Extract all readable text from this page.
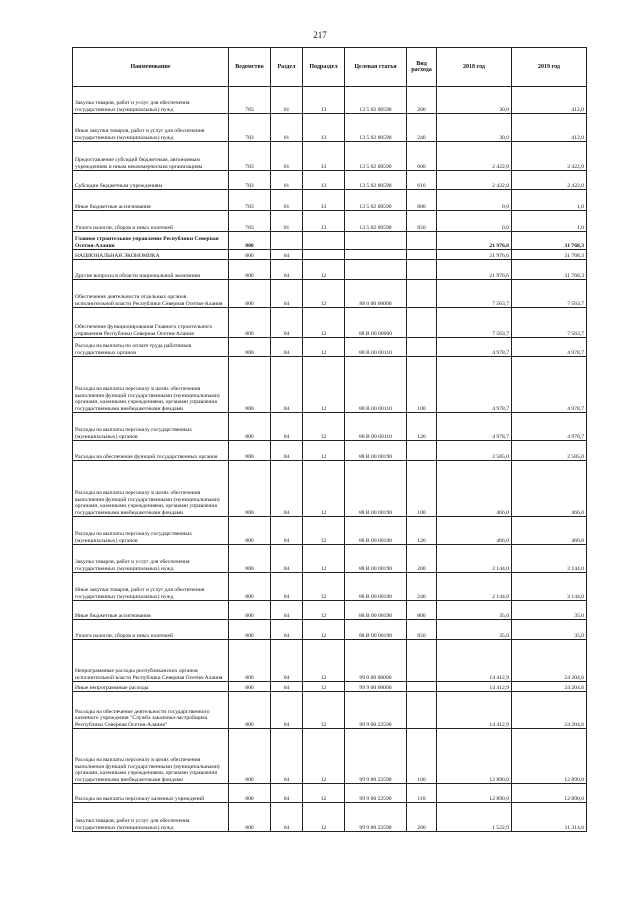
217
Наименование	Ведомство	Раздел	Подраздел	Целевая статья	Вид расхода	2018 год	2019 год
Закупка товаров, работ и услуг для обеспечения государственных (муниципальных) нужд	783	01	13	13 5 02 00590	200	30,0	412,0
Иные закупки товаров, работ и услуг для обеспечения государственных (муниципальных) нужд	783	01	13	13 5 02 00590	240	30,0	412,0
Предоставление субсидий бюджетным, автономным учреждениям и иным некоммерческим организациям	783	01	13	13 5 02 00590	600	2 422,0	2 422,0
Субсидии бюджетным учреждениям	783	01	13	13 5 02 00590	610	2 422,0	2 422,0
Иные бюджетные ассигнования	783	01	13	13 5 02 00590	800	0,0	1,0
Уплата налогов, сборов и иных платежей	783	01	13	13 5 02 00590	850	0,0	1,0
Главное строительное управление Республики Северная Осетия-Алания	800					21 976,6	31 768,3
НАЦИОНАЛЬНАЯ ЭКОНОМИКА	800	04				21 976,6	31 768,3
Другие вопросы в области национальной экономики	800	04	12			21 976,6	31 768,3
Обеспечение деятельности отдельных органов исполнительной власти Республики Северная Осетия-Алания	800	04	12	88 0 00 00000		7 563,7	7 563,7
Обеспечение функционирования Главного строительного управления Республики Северная Осетия-Алания	800	04	12	88 В 00 00000		7 563,7	7 563,7
Расходы на выплаты по оплате труда работников государственных органов	800	04	12	88 В 00 00110		4 978,7	4 978,7
Расходы на выплаты персоналу в целях обеспечения выполнения функций государственными (муниципальными) органами, казенными учреждениями, органами управления государственными внебюджетными фондами	800	04	12	88 В 00 00110	100	4 978,7	4 978,7
Расходы на выплаты персоналу государственных (муниципальных) органов	800	04	12	88 В 00 00110	120	4 978,7	4 978,7
Расходы на обеспечение функций государственных органов	800	04	12	88 В 00 00190		2 585,0	2 585,0
Расходы на выплаты персоналу в целях обеспечения выполнения функций государственными (муниципальными) органами, казенными учреждениями, органами управления государственными внебюджетными фондами	800	04	12	88 В 00 00190	100	466,0	466,0
Расходы на выплаты персоналу государственных (муниципальных) органов	800	04	12	88 В 00 00190	120	466,0	466,0
Закупка товаров, работ и услуг для обеспечения государственных (муниципальных) нужд	800	04	12	88 В 00 00190	200	2 144,0	2 144,0
Иные закупки товаров, работ и услуг для обеспечения государственных (муниципальных) нужд	800	04	12	88 В 00 00190	240	2 144,0	2 144,0
Иные бюджетные ассигнования	800	04	12	88 В 00 00190	800	35,0	35,0
Уплата налогов, сборов и иных платежей	800	04	12	88 В 00 00190	850	35,0	35,0
Непрограммные расходы республиканских органов исполнительной власти Республики Северная Осетия-Алания	800	04	12	99 0 00 00000		14 412,9	24 204,6
Иные непрограммные расходы	800	04	12	99 9 00 00000		14 412,9	24 204,6
Расходы на обеспечение деятельности государственного казенного учреждения "Служба заказчика-застройщика Республики Северная Осетия-Алания"	800	04	12	99 9 00 22590		14 412,9	24 204,6
Расходы на выплаты персоналу в целях обеспечения выполнения функций государственными (муниципальными) органами, казенными учреждениями, органами управления государственными внебюджетными фондами	800	04	12	99 9 00 22590	100	12 890,0	12 890,0
Расходы на выплаты персоналу казенных учреждений	800	04	12	99 9 00 22590	110	12 890,0	12 890,0
Закупка товаров, работ и услуг для обеспечения государственных (муниципальных) нужд	800	04	12	99 9 00 22590	200	1 522,9	11 314,6
